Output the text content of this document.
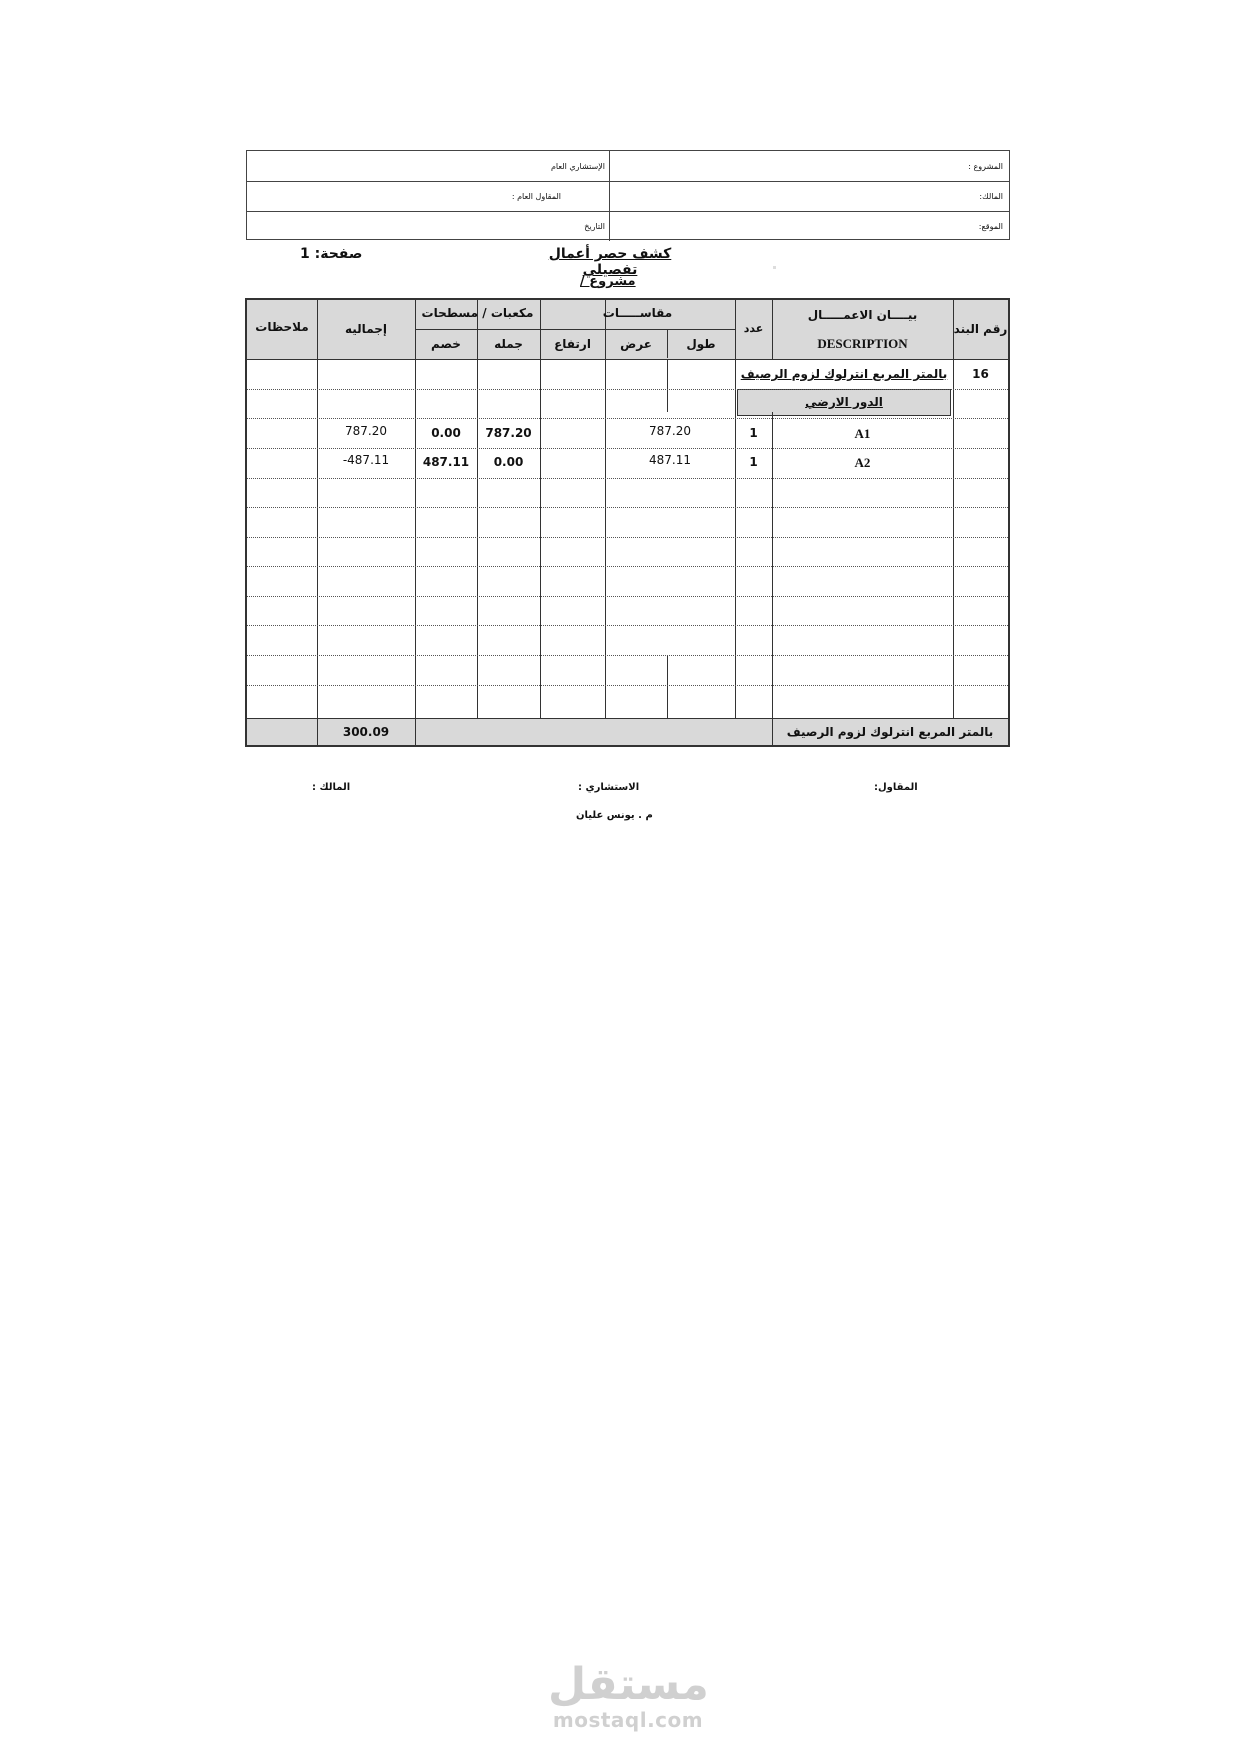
المشروع :
الإستشاري العام
المالك:
المقاول العام :
الموقع:
التاريخ
كشف حصر أعمال تفصيلي
صفحة: 1
مشروع /
رقم البند
بيــــان الاعمـــــال
DESCRIPTION
عدد
مقاســـــات
طول
عرض
ارتفاع
مكعبات / مسطحات
جمله
خصم
إجماليه
ملاحظات
16
بالمتر المربع انترلوك لزوم الرصيف
الدور الارضي
A1
1
787.20
787.20
0.00
787.20
A2
1
487.11
0.00
487.11
-487.11
بالمتر المربع انترلوك لزوم الرصيف
300.09
المقاول:
الاستشاري :
المالك :
م . يونس عليان
مستقل
mostaql.com
